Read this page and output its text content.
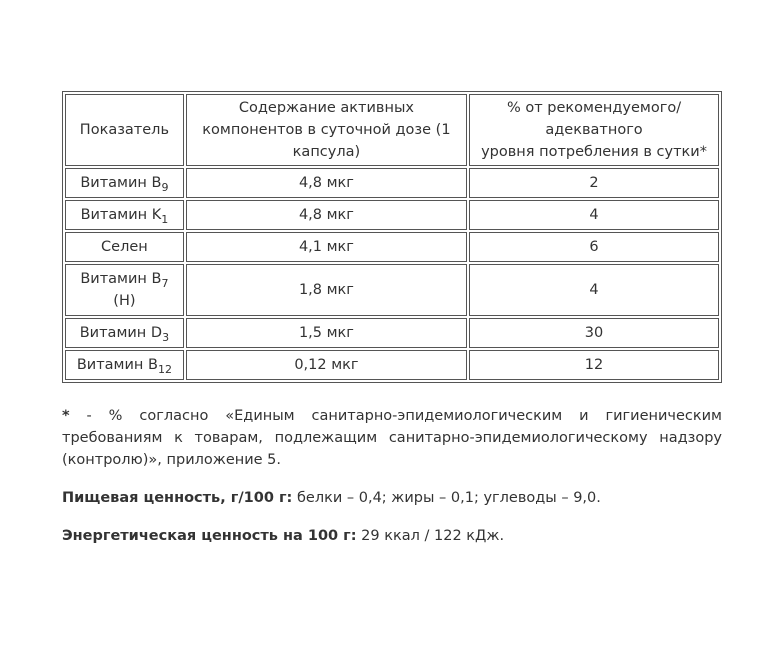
Показатель	Содержание активных компонентов в суточной дозе (1 капсула)	% от рекомендуемого/
адекватного
уровня потребления в сутки*
Витамин $B_9$	4,8 мкг	2
Витамин $K_1$	4,8 мкг	4
Селен	4,1 мкг	6
Витамин $B_7$
(H)	1,8 мкг	4
Витамин $D_3$	1,5 мкг	30
Витамин $B_{12}$	0,12 мкг	12

* - % согласно «Единым санитарно-эпидемиологическим и гигиеническим требованиям к товарам, подлежащим санитарно-эпидемиологическому надзору (контролю)», приложение 5.

Пищевая ценность, г/100 г: белки – 0,4; жиры – 0,1; углеводы – 9,0.

Энергетическая ценность на 100 г: 29 ккал / 122 кДж.
